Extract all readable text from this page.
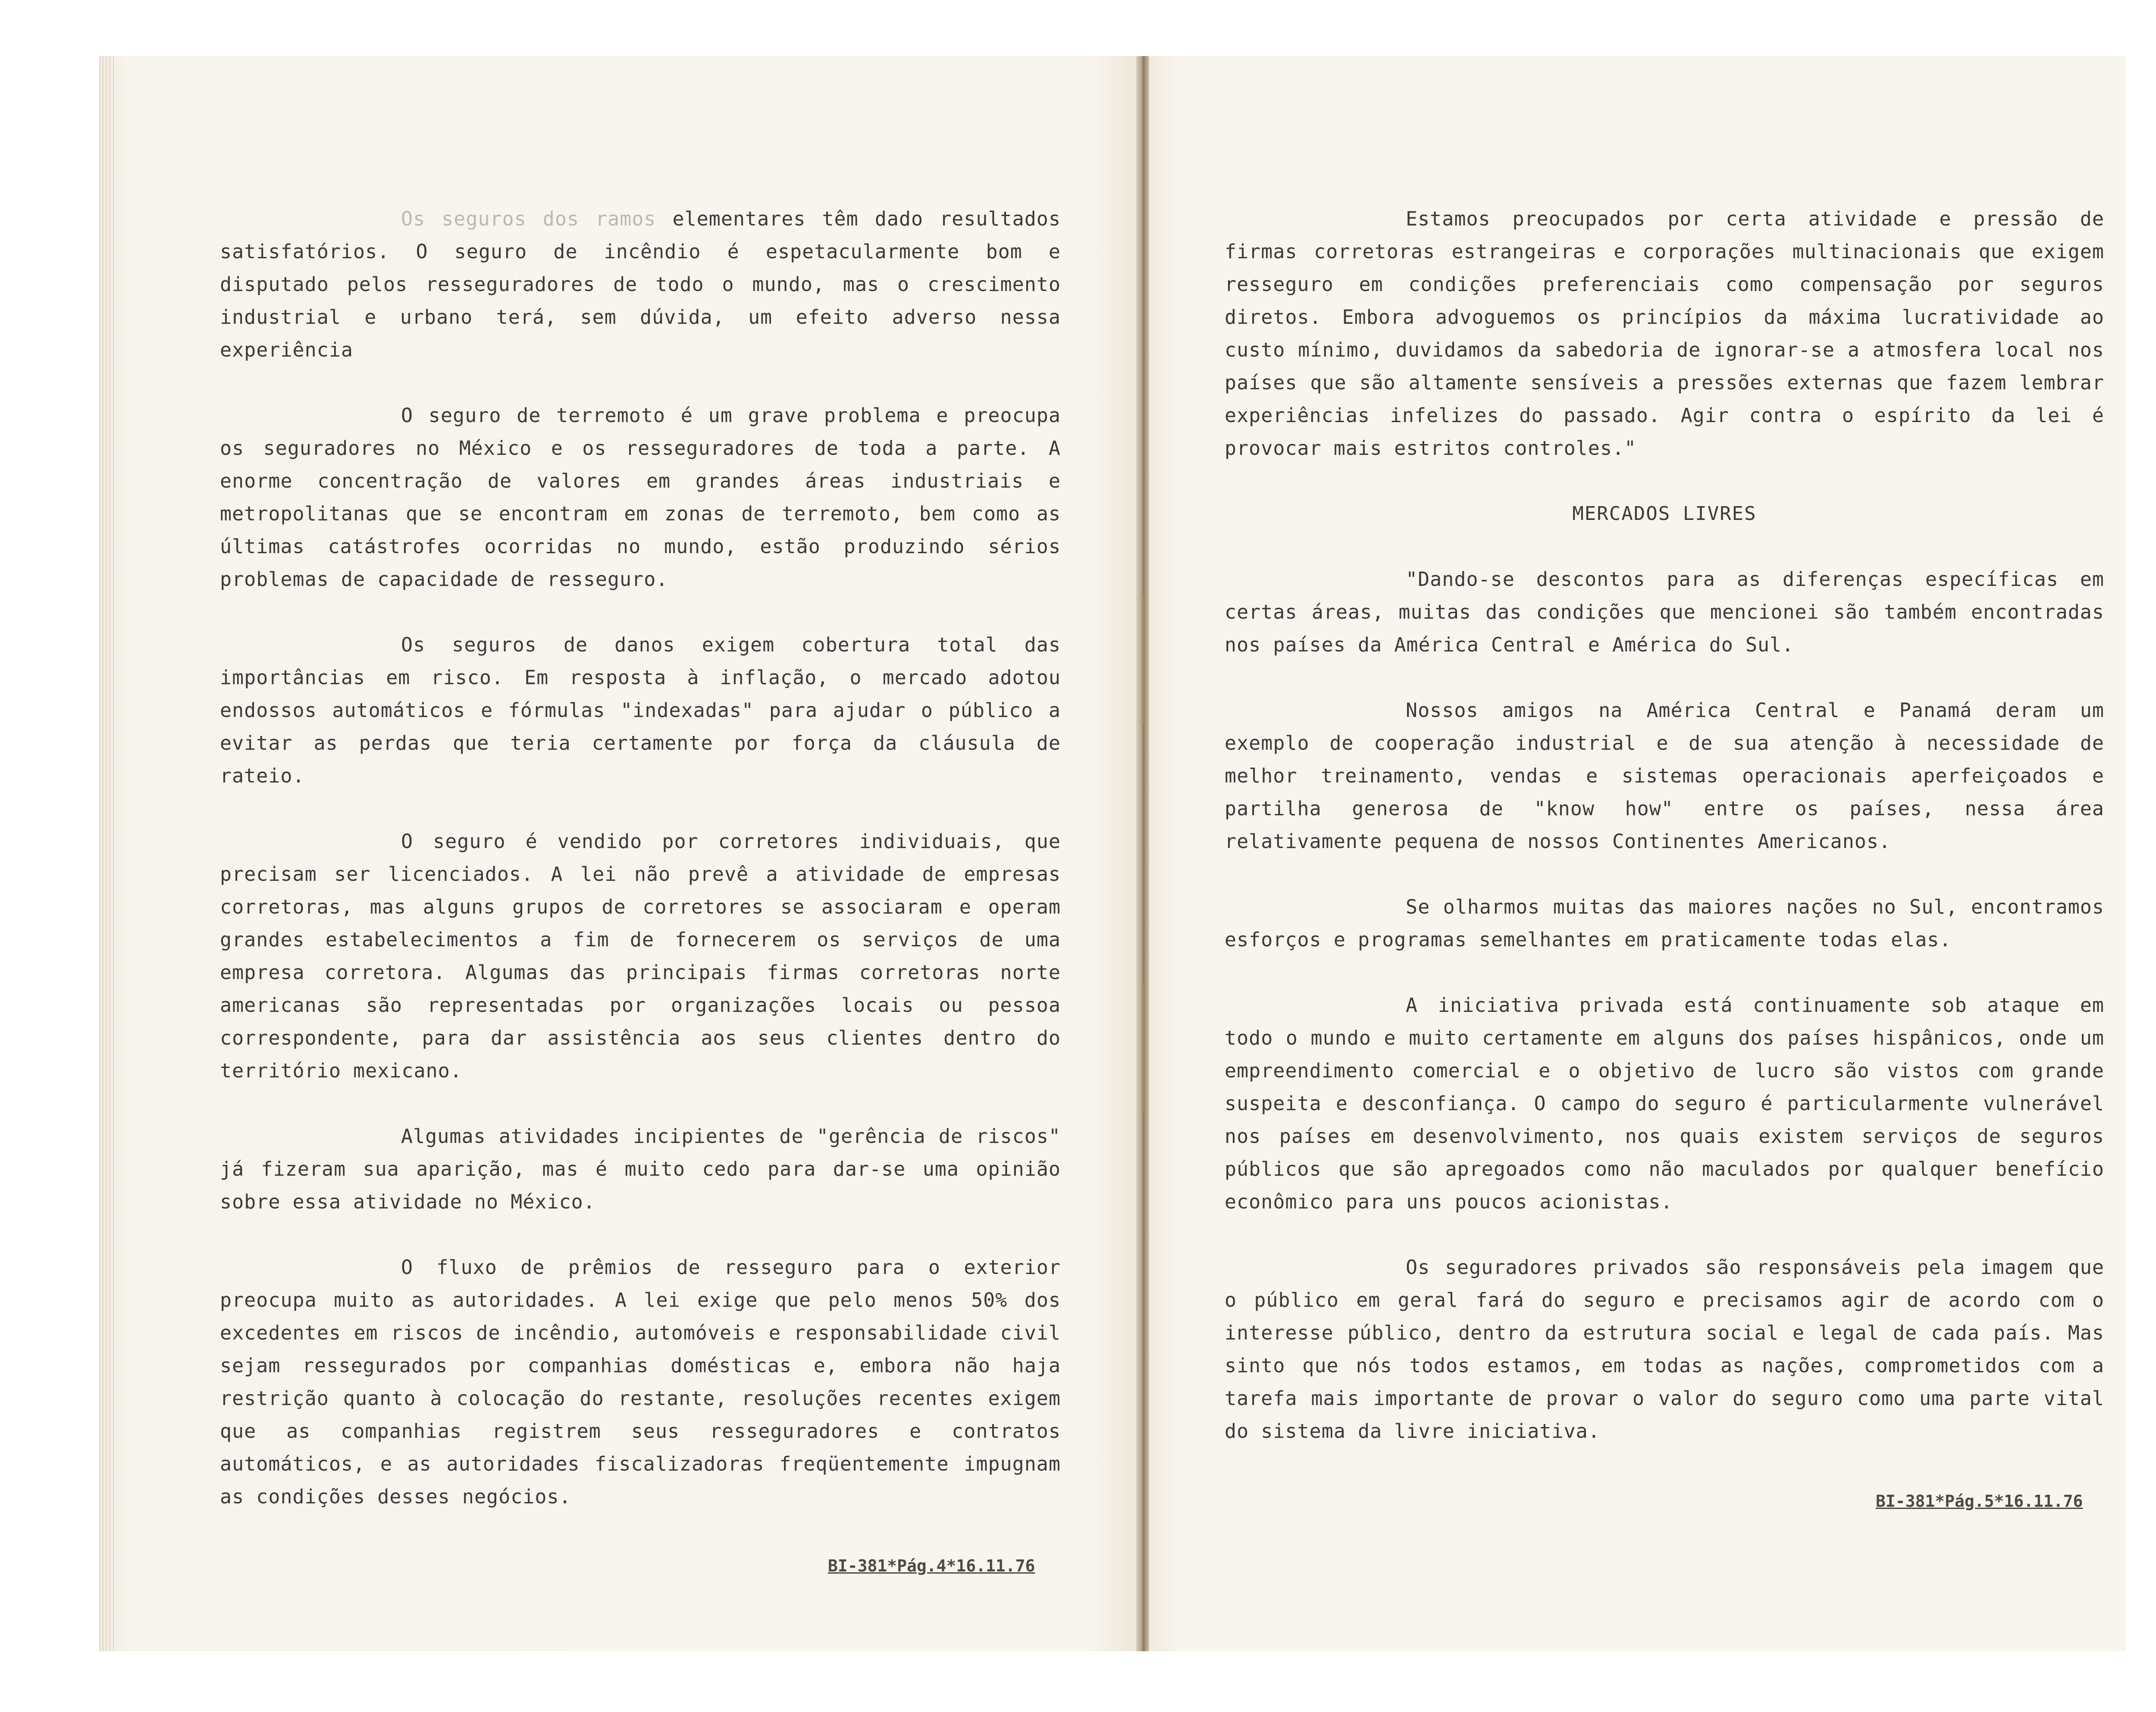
Os seguros dos ramos elementares têm dado resultados satisfatórios. O seguro de incêndio é espetacularmente bom e disputado pelos resseguradores de todo o mundo, mas o crescimento industrial e urbano terá, sem dúvida, um efeito adverso nessa experiência

O seguro de terremoto é um grave problema e preocupa os seguradores no México e os resseguradores de toda a parte. A enorme concentração de valores em grandes áreas industriais e metropolitanas que se encontram em zonas de terremoto, bem como as últimas catástrofes ocorridas no mundo, estão produzindo sérios problemas de capacidade de resseguro.

Os seguros de danos exigem cobertura total das importâncias em risco. Em resposta à inflação, o mercado adotou endossos automáticos e fórmulas "indexadas" para ajudar o público a evitar as perdas que teria certamente por força da cláusula de rateio.

O seguro é vendido por corretores individuais, que precisam ser licenciados. A lei não prevê a atividade de empresas corretoras, mas alguns grupos de corretores se associaram e operam grandes estabelecimentos a fim de fornecerem os serviços de uma empresa corretora. Algumas das principais firmas corretoras norte americanas são representadas por organizações locais ou pessoa correspondente, para dar assistência aos seus clientes dentro do território mexicano.

Algumas atividades incipientes de "gerência de riscos" já fizeram sua aparição, mas é muito cedo para dar-se uma opinião sobre essa atividade no México.

O fluxo de prêmios de resseguro para o exterior preocupa muito as autoridades. A lei exige que pelo menos 50% dos excedentes em riscos de incêndio, automóveis e responsabilidade civil sejam ressegurados por companhias domésticas e, embora não haja restrição quanto à colocação do restante, resoluções recentes exigem que as companhias registrem seus resseguradores e contratos automáticos, e as autoridades fiscalizadoras freqüentemente impugnam as condições desses negócios.

BI-381*Pág.4*16.11.76

Estamos preocupados por certa atividade e pressão de firmas corretoras estrangeiras e corporações multinacionais que exigem resseguro em condições preferenciais como compensação por seguros diretos. Embora advoguemos os princípios da máxima lucratividade ao custo mínimo, duvidamos da sabedoria de ignorar-se a atmosfera local nos países que são altamente sensíveis a pressões externas que fazem lembrar experiências infelizes do passado. Agir contra o espírito da lei é provocar mais estritos controles."

MERCADOS LIVRES

"Dando-se descontos para as diferenças específicas em certas áreas, muitas das condições que mencionei são também encontradas nos países da América Central e América do Sul.

Nossos amigos na América Central e Panamá deram um exemplo de cooperação industrial e de sua atenção à necessidade de melhor treinamento, vendas e sistemas operacionais aperfeiçoados e partilha generosa de "know how" entre os países, nessa área relativamente pequena de nossos Continentes Americanos.

Se olharmos muitas das maiores nações no Sul, encontramos esforços e programas semelhantes em praticamente todas elas.

A iniciativa privada está continuamente sob ataque em todo o mundo e muito certamente em alguns dos países hispânicos, onde um empreendimento comercial e o objetivo de lucro são vistos com grande suspeita e desconfiança. O campo do seguro é particularmente vulnerável nos países em desenvolvimento, nos quais existem serviços de seguros públicos que são apregoados como não maculados por qualquer benefício econômico para uns poucos acionistas.

Os seguradores privados são responsáveis pela imagem que o público em geral fará do seguro e precisamos agir de acordo com o interesse público, dentro da estrutura social e legal de cada país. Mas sinto que nós todos estamos, em todas as nações, comprometidos com a tarefa mais importante de provar o valor do seguro como uma parte vital do sistema da livre iniciativa.

BI-381*Pág.5*16.11.76
